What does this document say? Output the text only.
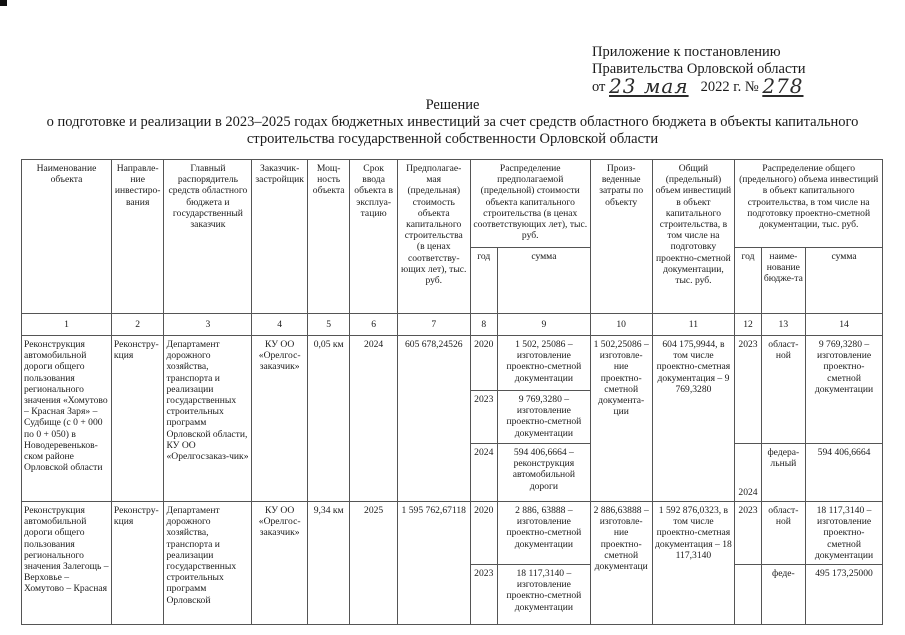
Приложение к постановлению
Правительства Орловской области
от 23 мая 2022 г. № 278
Решение
о подготовке и реализации в 2023–2025 годах бюджетных инвестиций за счет средств областного бюджета в объекты капитального строительства государственной собственности Орловской области
Наименование объекта	Направле-ние инвестиро-вания	Главный распорядитель средств областного бюджета и государственный заказчик	Заказчик-застройщик	Мощ-ность объекта	Срок ввода объекта в эксплуа-тацию	Предполагае-мая (предельная) стоимость объекта капитального строительства (в ценах соответству-ющих лет), тыс. руб.	Распределение предполагаемой (предельной) стоимости объекта капитального строительства (в ценах соответствующих лет), тыс. руб.		Произ-веденные затраты по объекту	Общий (предельный) объем инвестиций в объект капитального строительства, в том числе на подготовку проектно-сметной документации, тыс. руб.	Распределение общего (предельного) объема инвестиций в объект капитального строительства, в том числе на подготовку проектно-сметной документации, тыс. руб.		
							год	сумма			год	наиме-нование бюдже-та	сумма
1	2	3	4	5	6	7	8	9	10	11	12	13	14
Реконструкция автомобильной дороги общего пользования регионального значения «Хомутово – Красная Заря» – Судбище (с 0 + 000 по 0 + 050) в Новодеревеньков-ском районе Орловской области	Реконстру-кция	Департамент дорожного хозяйства, транспорта и реализации государственных строительных программ Орловской области, КУ ОО «Орелгосзаказ-чик»	КУ ОО «Орелгос-заказчик»	0,05 км	2024	605 678,24526	2020	1 502, 25086 – изготовление проектно-сметной документации	1 502,25086 – изготовле-ние проектно-сметной документа-ции	604 175,9944, в том числе проектно-сметная документация – 9 769,3280	2023	област-ной	9 769,3280 – изготовление проектно-сметной документации
							2023	9 769,3280 – изготовление проектно-сметной документации					
							2024	594 406,6664 – реконструкция автомобильной дороги			2024	федера-льный	594 406,6664
Реконструкция автомобильной дороги общего пользования регионального значения Залегощь – Верховье – Хомутово – Красная	Реконстру-кция	Департамент дорожного хозяйства, транспорта и реализации государственных строительных программ Орловской	КУ ОО «Орелгос-заказчик»	9,34 км	2025	1 595 762,67118	2020	2 886, 63888 – изготовление проектно-сметной документации	2 886,63888 – изготовле-ние проектно-сметной документаци	1 592 876,0323, в том числе проектно-сметная документация – 18 117,3140	2023	област-ной	18 117,3140 – изготовление проектно-сметной документации
							2023	18 117,3140 – изготовление проектно-сметной документации				феде-	495 173,25000
